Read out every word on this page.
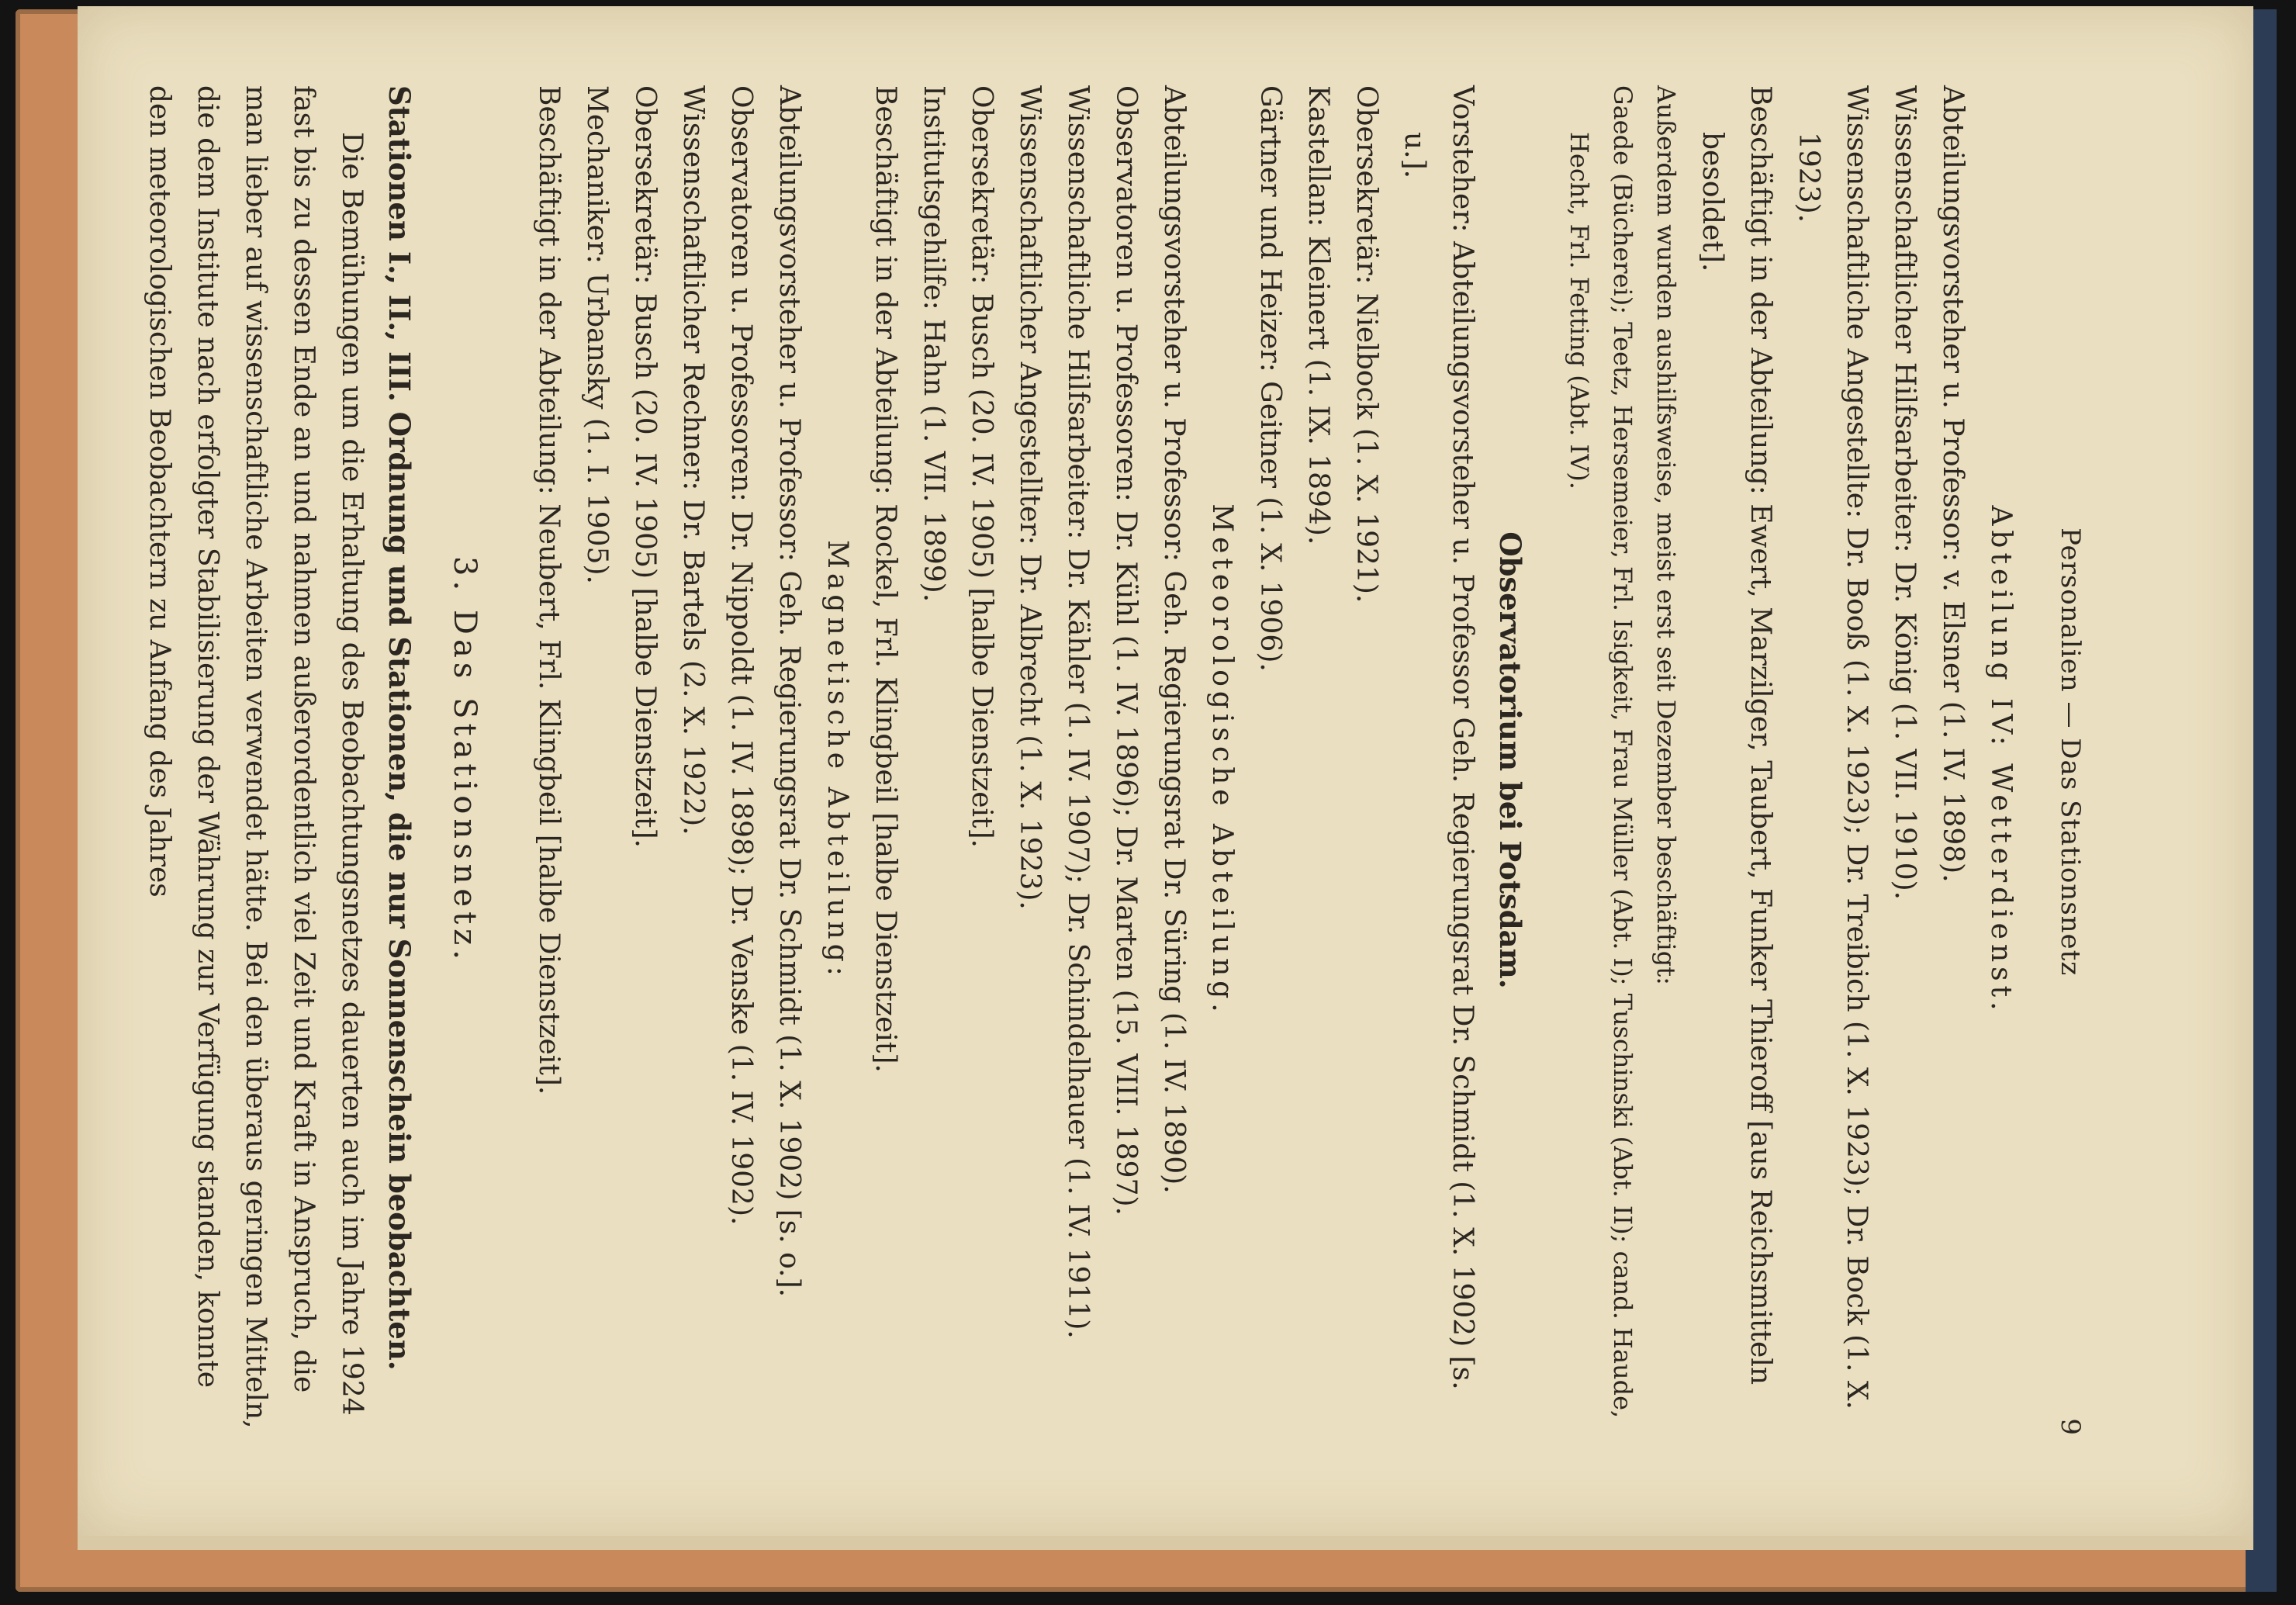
Personalien — Das Stationsnetz
9

Abteilung IV: Wetterdienst.

Abteilungsvorsteher u. Professor: v. Elsner (1. IV. 1898).

Wissenschaftlicher Hilfsarbeiter: Dr. König (1. VII. 1910).

Wissenschaftliche Angestellte: Dr. Booß (1. X. 1923); Dr. Treibich (1. X. 1923); Dr. Bock (1. X. 1923).

Beschäftigt in der Abteilung: Ewert, Marzilger, Taubert, Funker Thieroff [aus Reichsmitteln besoldet].

Außerdem wurden aushilfsweise, meist erst seit Dezember beschäftigt:

Gaede (Bücherei); Teetz, Hersemeier, Frl. Isigkeit, Frau Müller (Abt. I); Tuschinski (Abt. II); cand. Haude, Hecht, Frl. Fetting (Abt. IV).

Observatorium bei Potsdam.

Vorsteher: Abteilungsvorsteher u. Professor Geh. Regierungsrat Dr. Schmidt (1. X. 1902) [s. u.].

Obersekretär: Nielbock (1. X. 1921).

Kastellan: Kleinert (1. IX. 1894).

Gärtner und Heizer: Geitner (1. X. 1906).

Meteorologische Abteilung.

Abteilungsvorsteher u. Professor: Geh. Regierungsrat Dr. Süring (1. IV. 1890).

Observatoren u. Professoren: Dr. Kühl (1. IV. 1896); Dr. Marten (15. VIII. 1897).

Wissenschaftliche Hilfsarbeiter: Dr. Kähler (1. IV. 1907); Dr. Schindelhauer (1. IV. 1911).

Wissenschaftlicher Angestellter: Dr. Albrecht (1. X. 1923).

Obersekretär: Busch (20. IV. 1905) [halbe Dienstzeit].

Institutsgehilfe: Hahn (1. VII. 1899).

Beschäftigt in der Abteilung: Rockel, Frl. Klingbeil [halbe Dienstzeit].

Magnetische Abteilung:

Abteilungsvorsteher u. Professor: Geh. Regierungsrat Dr. Schmidt (1. X. 1902) [s. o.].

Observatoren u. Professoren: Dr. Nippoldt (1. IV. 1898); Dr. Venske (1. IV. 1902).

Wissenschaftlicher Rechner: Dr. Bartels (2. X. 1922).

Obersekretär: Busch (20. IV. 1905) [halbe Dienstzeit].

Mechaniker: Urbansky (1. I. 1905).

Beschäftigt in der Abteilung: Neubert, Frl. Klingbeil [halbe Dienstzeit].

3. Das Stationsnetz.

Stationen I., II., III. Ordnung und Stationen, die nur Sonnenschein beobachten.

Die Bemühungen um die Erhaltung des Beobachtungsnetzes dauerten auch im Jahre 1924 fast bis zu dessen Ende an und nahmen außerordentlich viel Zeit und Kraft in Anspruch, die man lieber auf wissenschaftliche Arbeiten verwendet hätte. Bei den überaus geringen Mitteln, die dem Institute nach erfolgter Stabilisierung der Währung zur Verfügung standen, konnte den meteorologischen Beobachtern zu Anfang des Jahres
